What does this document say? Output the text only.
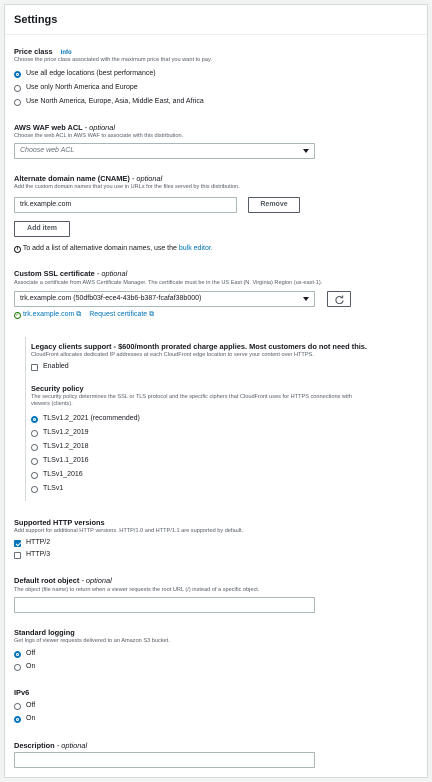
Settings
Price class Info
Choose the price class associated with the maximum price that you want to pay.
Use all edge locations (best performance)
Use only North America and Europe
Use North America, Europe, Asia, Middle East, and Africa
AWS WAF web ACL - optional
Choose the web ACL in AWS WAF to associate with this distribution.
Choose web ACL
Alternate domain name (CNAME) - optional
Add the custom domain names that you use in URLs for the files served by this distribution.
trk.example.com	Remove
Add item
i To add a list of alternative domain names, use the bulk editor.
Custom SSL certificate - optional
Associate a certificate from AWS Certificate Manager. The certificate must be in the US East (N. Virginia) Region (us-east-1).
trk.example.com (50dfb03f-ece4-43b6-b387-fcafaf38b000)
✓ trk.example.com ⧉ Request certificate ⧉
Legacy clients support - $600/month prorated charge applies. Most customers do not need this.
CloudFront allocates dedicated IP addresses at each CloudFront edge location to serve your content over HTTPS.
Enabled
Security policy
The security policy determines the SSL or TLS protocol and the specific ciphers that CloudFront uses for HTTPS connections with
viewers (clients).
TLSv1.2_2021 (recommended)
TLSv1.2_2019
TLSv1.2_2018
TLSv1.1_2016
TLSv1_2016
TLSv1
Supported HTTP versions
Add support for additional HTTP versions. HTTP/1.0 and HTTP/1.1 are supported by default.
HTTP/2
HTTP/3
Default root object - optional
The object (file name) to return when a viewer requests the root URL (/) instead of a specific object.
Standard logging
Get logs of viewer requests delivered to an Amazon S3 bucket.
Off
On
IPv6
Off
On
Description - optional
